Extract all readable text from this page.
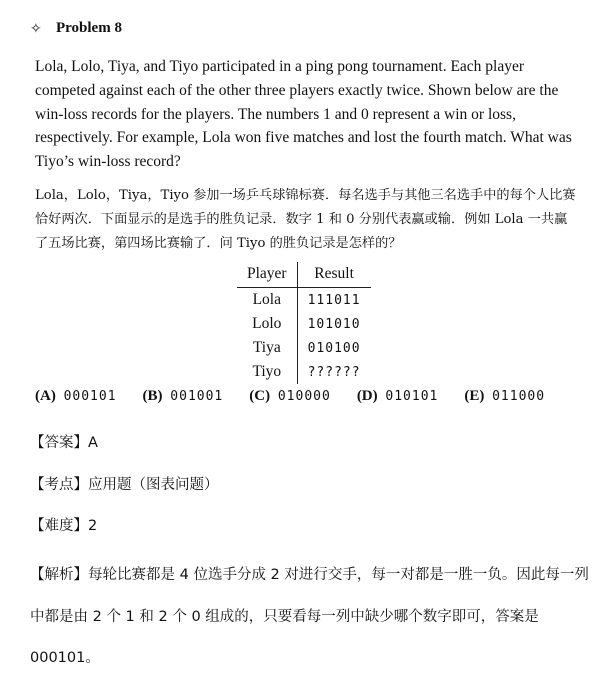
✧ Problem 8
Lola, Lolo, Tiya, and Tiyo participated in a ping pong tournament. Each player competed against each of the other three players exactly twice. Shown below are the win-loss records for the players. The numbers 1 and 0 represent a win or loss, respectively. For example, Lola won five matches and lost the fourth match. What was Tiyo’s win-loss record?
Lola，Lolo，Tiya，Tiyo 参加一场乒乓球锦标赛．每名选手与其他三名选手中的每个人比赛恰好两次．下面显示的是选手的胜负记录．数字 1 和 0 分别代表赢或输．例如 Lola 一共赢了五场比赛，第四场比赛输了．问 Tiyo 的胜负记录是怎样的？
Player	Result
Lola	111011
Lolo	101010
Tiya	010100
Tiyo	??????
(A) 000101 (B) 001001 (C) 010000 (D) 010101 (E) 011000
【答案】A
【考点】应用题（图表问题）
【难度】2
【解析】每轮比赛都是 4 位选手分成 2 对进行交手，每一对都是一胜一负。因此每一列中都是由 2 个 1 和 2 个 0 组成的，只要看每一列中缺少哪个数字即可，答案是 000101。
